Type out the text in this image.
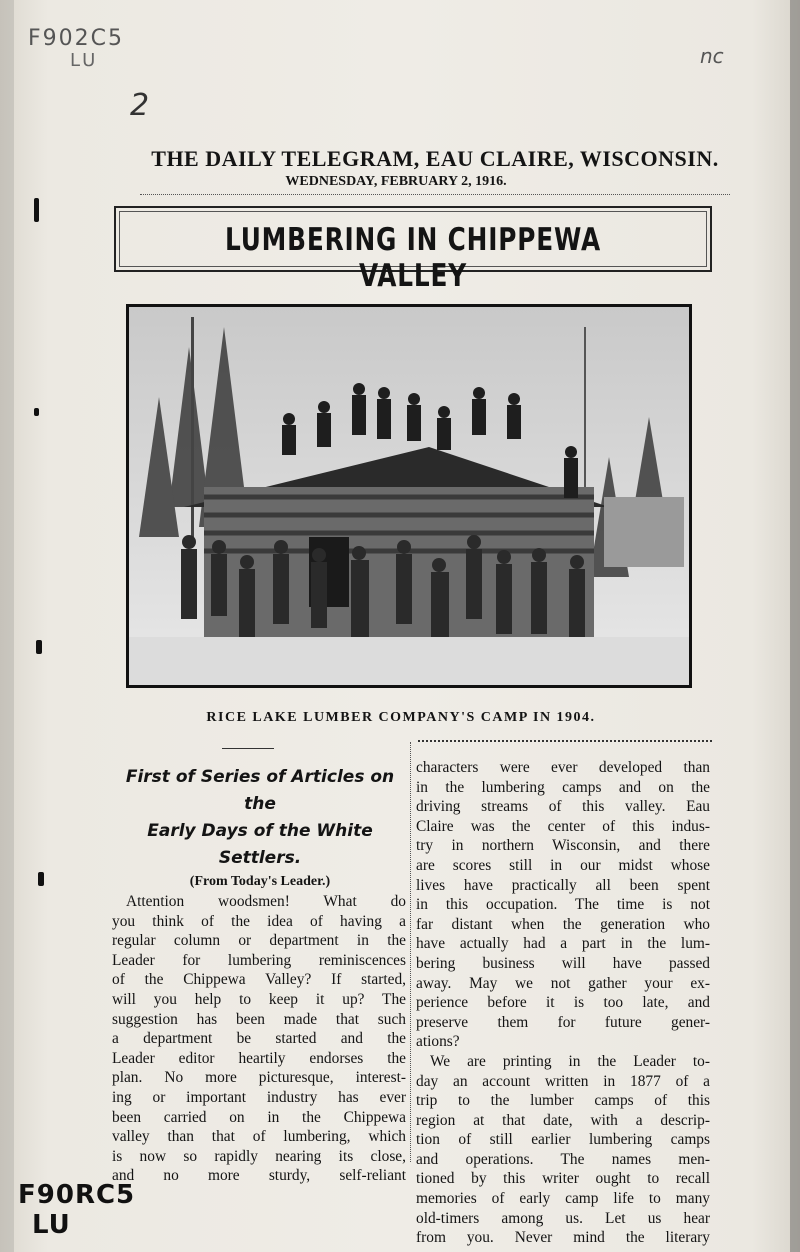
F902C5
LU
2
nc
F90RC5
LU
THE DAILY TELEGRAM, EAU CLAIRE, WISCONSIN.
WEDNESDAY, FEBRUARY 2, 1916.
LUMBERING IN CHIPPEWA VALLEY
RICE LAKE LUMBER COMPANY'S CAMP IN 1904.
First of Series of Articles on the
Early Days of the White
Settlers.
(From Today's Leader.)
Attention woodsmen! What do
you think of the idea of having a
regular column or department in the
Leader for lumbering reminiscences
of the Chippewa Valley? If started,
will you help to keep it up? The
suggestion has been made that such
a department be started and the
Leader editor heartily endorses the
plan. No more picturesque, interest-
ing or important industry has ever
been carried on in the Chippewa
valley than that of lumbering, which
is now so rapidly nearing its close,
and no more sturdy, self-reliant
characters were ever developed than
in the lumbering camps and on the
driving streams of this valley. Eau
Claire was the center of this indus-
try in northern Wisconsin, and there
are scores still in our midst whose
lives have practically all been spent
in this occupation. The time is not
far distant when the generation who
have actually had a part in the lum-
bering business will have passed
away. May we not gather your ex-
perience before it is too late, and
preserve them for future gener-
ations?
We are printing in the Leader to-
day an account written in 1877 of a
trip to the lumber camps of this
region at that date, with a descrip-
tion of still earlier lumbering camps
and operations. The names men-
tioned by this writer ought to recall
memories of early camp life to many
old-timers among us. Let us hear
from you. Never mind the literary
